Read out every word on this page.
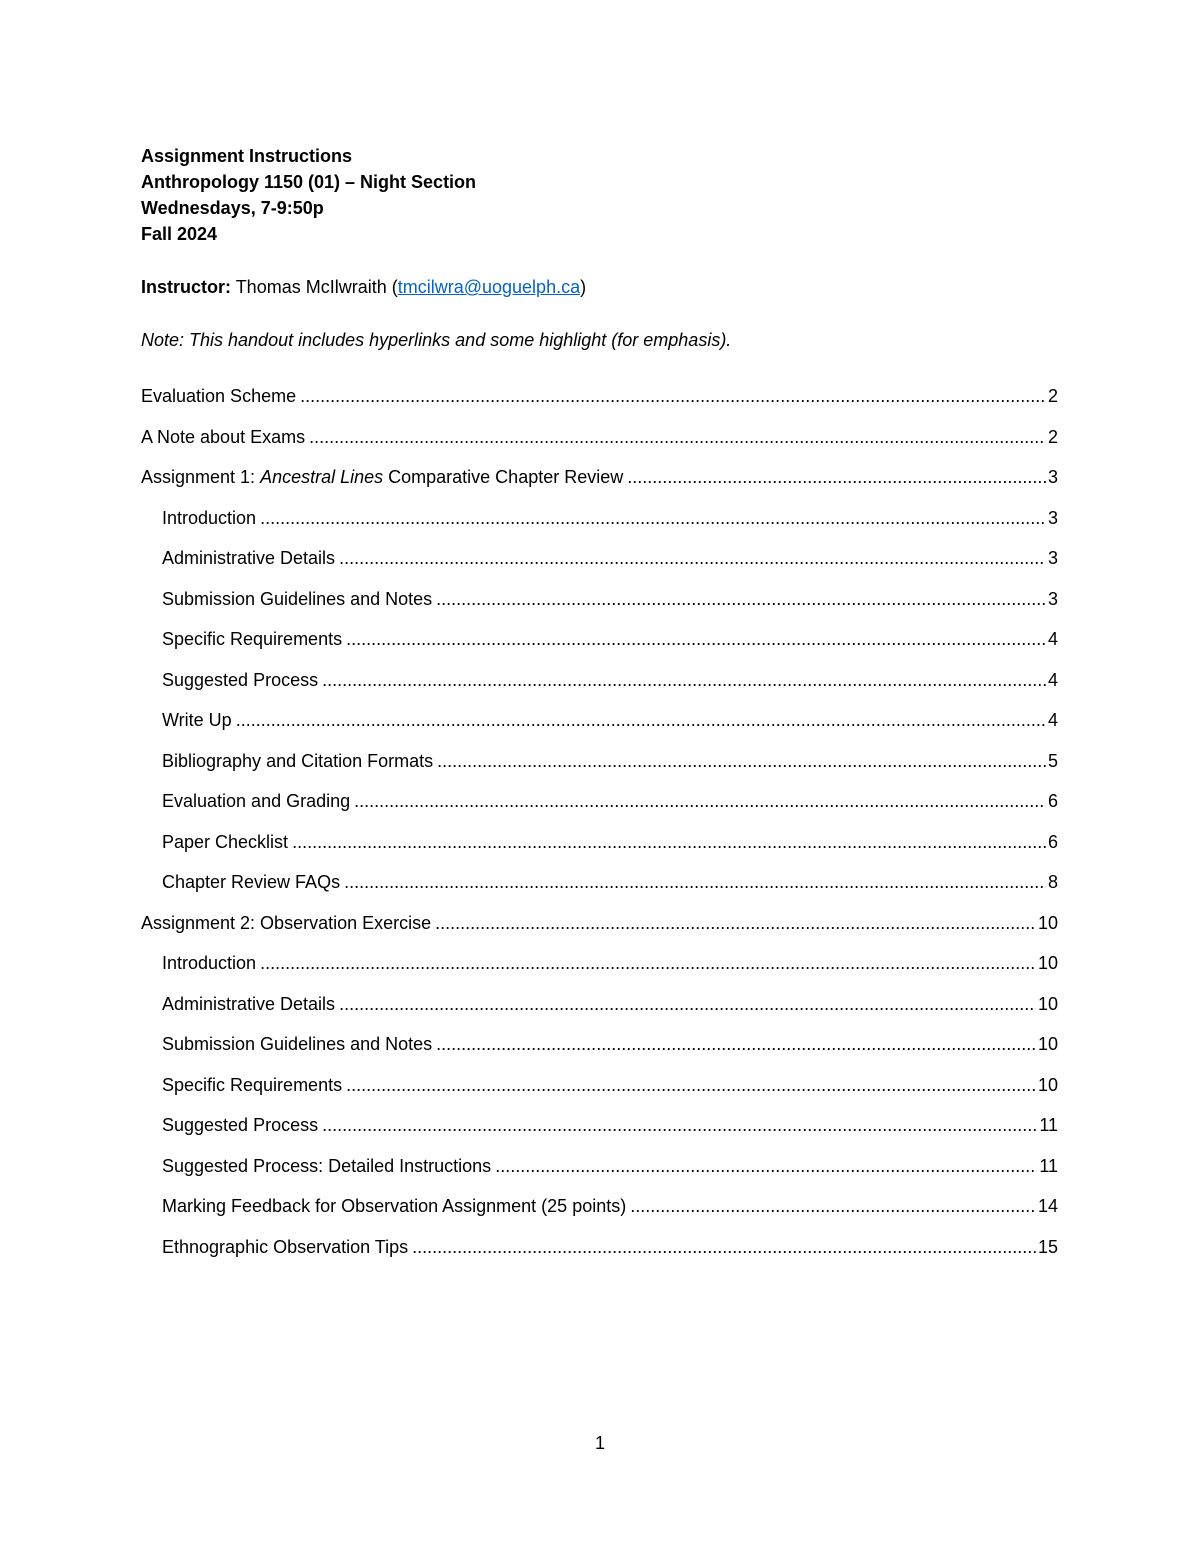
Assignment Instructions
Anthropology 1150 (01) – Night Section
Wednesdays, 7-9:50p
Fall 2024
Instructor: Thomas McIlwraith (tmcilwra@uoguelph.ca)
Note: This handout includes hyperlinks and some highlight (for emphasis).
Evaluation Scheme .....	2
A Note about Exams .....	2
Assignment 1: Ancestral Lines Comparative Chapter Review .....	3
Introduction .....	3
Administrative Details .....	3
Submission Guidelines and Notes .....	3
Specific Requirements .....	4
Suggested Process .....	4
Write Up .....	4
Bibliography and Citation Formats .....	5
Evaluation and Grading .....	6
Paper Checklist .....	6
Chapter Review FAQs .....	8
Assignment 2: Observation Exercise .....	10
Introduction .....	10
Administrative Details .....	10
Submission Guidelines and Notes .....	10
Specific Requirements .....	10
Suggested Process .....	11
Suggested Process: Detailed Instructions .....	11
Marking Feedback for Observation Assignment (25 points) .....	14
Ethnographic Observation Tips .....	15
1
